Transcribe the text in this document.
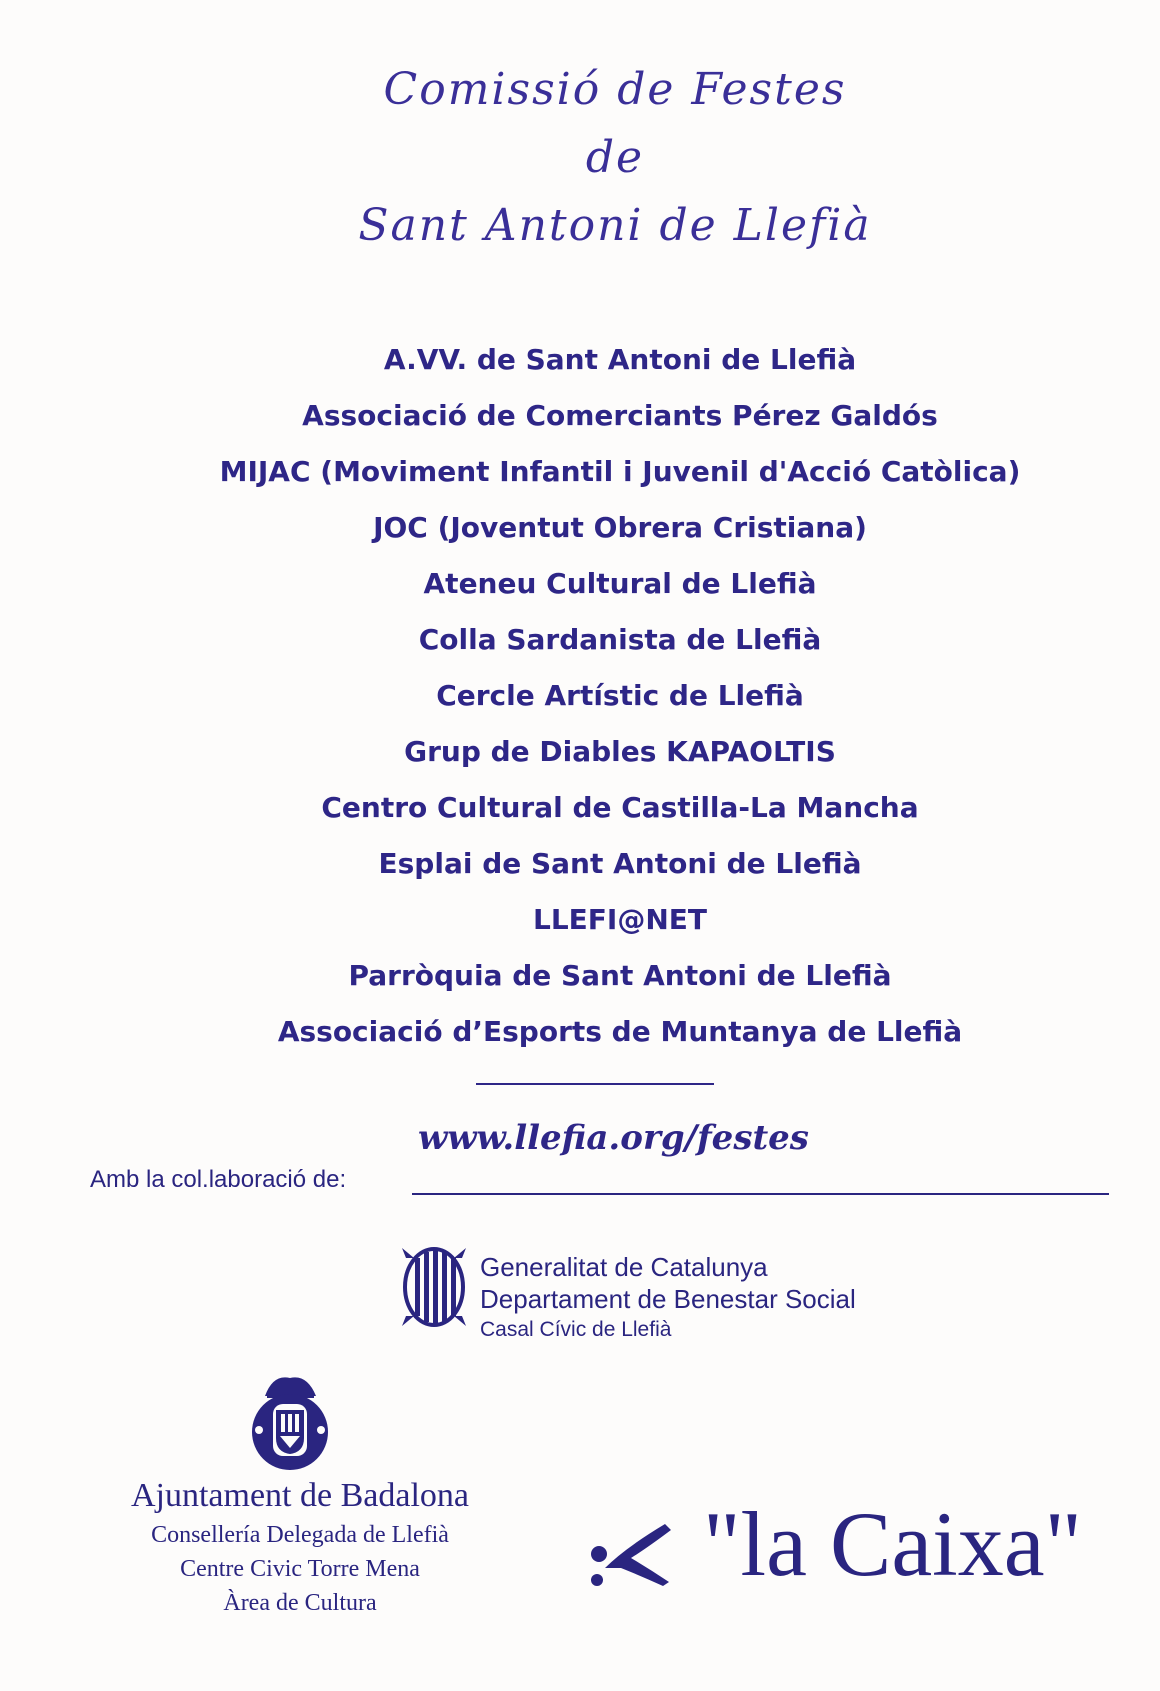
Comissió de Festes
de
Sant Antoni de Llefià
A.VV. de Sant Antoni de Llefià
Associació de Comerciants Pérez Galdós
MIJAC (Moviment Infantil i Juvenil d'Acció Catòlica)
JOC (Joventut Obrera Cristiana)
Ateneu Cultural de Llefià
Colla Sardanista de Llefià
Cercle Artístic de Llefià
Grup de Diables KAPAOLTIS
Centro Cultural de Castilla-La Mancha
Esplai de Sant Antoni de Llefià
LLEFI@NET
Parròquia de Sant Antoni de Llefià
Associació d’Esports de Muntanya de Llefià
www.llefia.org/festes
Amb la col.laboració de:
Generalitat de Catalunya
Departament de Benestar Social
Casal Cívic de Llefià
Ajuntament de Badalona
Consellería Delegada de Llefià
Centre Civic Torre Mena
Àrea de Cultura
"la Caixa"
